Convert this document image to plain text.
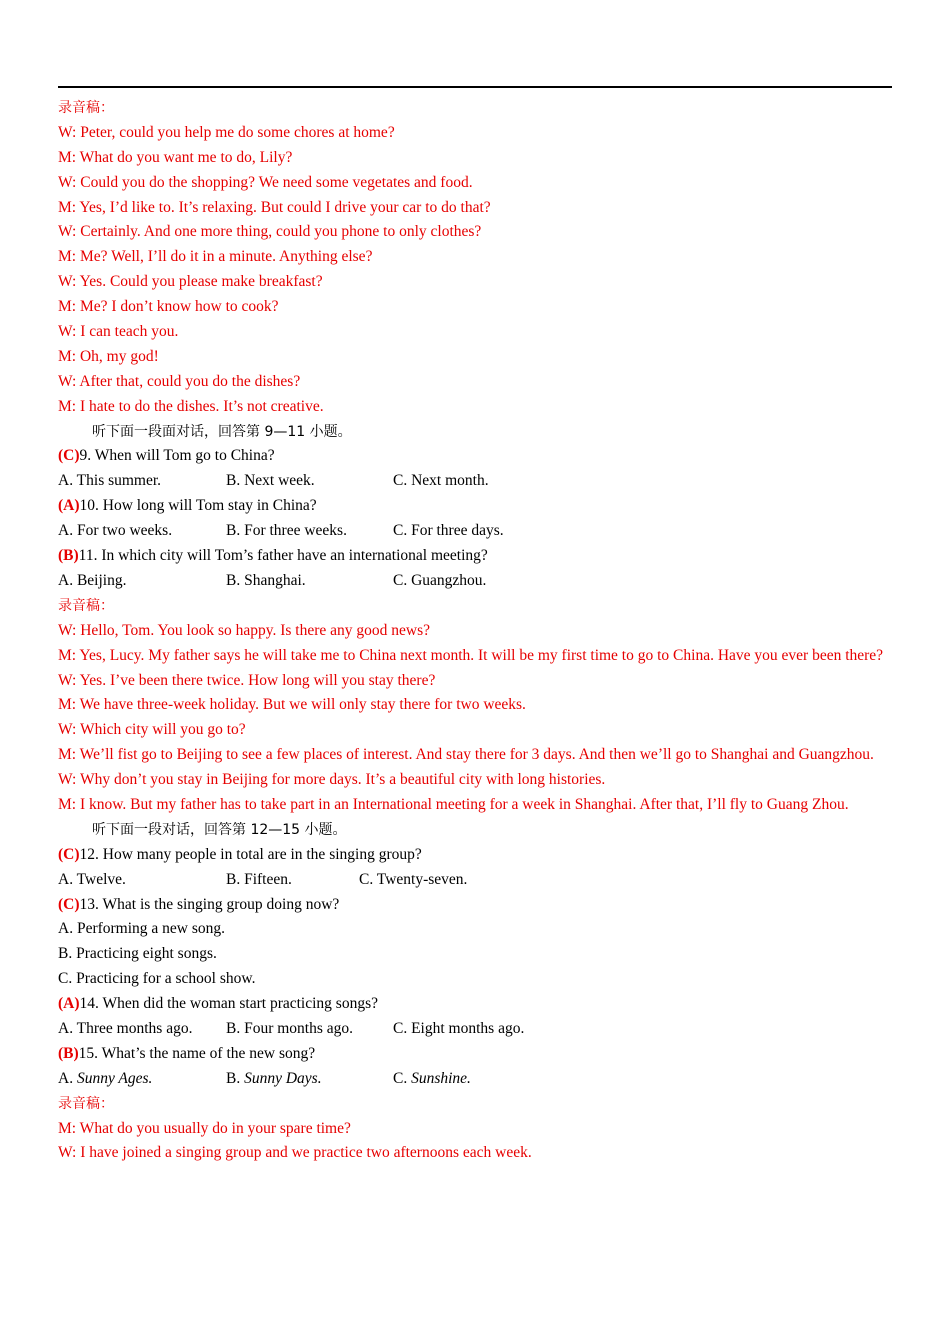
录音稿：
W: Peter, could you help me do some chores at home?
M: What do you want me to do, Lily?
W: Could you do the shopping? We need some vegetates and food.
M: Yes, I’d like to. It’s relaxing. But could I drive your car to do that?
W: Certainly. And one more thing, could you phone to only clothes?
M: Me? Well, I’ll do it in a minute. Anything else?
W: Yes. Could you please make breakfast?
M: Me? I don’t know how to cook?
W: I can teach you.
M: Oh, my god!
W: After that, could you do the dishes?
M: I hate to do the dishes. It’s not creative.
听下面一段面对话，回答第 9—11 小题。
(C)9. When will Tom go to China?
A. This summer.	B. Next week.	C. Next month.
(A)10. How long will Tom stay in China?
A. For two weeks.	B. For three weeks.	C. For three days.
(B)11. In which city will Tom’s father have an international meeting?
A. Beijing.	B. Shanghai.	C. Guangzhou.
录音稿：
W: Hello, Tom. You look so happy. Is there any good news?
M: Yes, Lucy. My father says he will take me to China next month. It will be my first time to go to China. Have you ever been there?
W: Yes. I’ve been there twice. How long will you stay there?
M: We have three-week holiday. But we will only stay there for two weeks.
W: Which city will you go to?
M: We’ll fist go to Beijing to see a few places of interest. And stay there for 3 days. And then we’ll go to Shanghai and Guangzhou.
W: Why don’t you stay in Beijing for more days. It’s a beautiful city with long histories.
M: I know. But my father has to take part in an International meeting for a week in Shanghai. After that, I’ll fly to Guang Zhou.
听下面一段对话，回答第 12—15 小题。
(C)12. How many people in total are in the singing group?
A. Twelve.	B. Fifteen.	C. Twenty-seven.
(C)13. What is the singing group doing now?
A. Performing a new song.
B. Practicing eight songs.
C. Practicing for a school show.
(A)14. When did the woman start practicing songs?
A. Three months ago.	B. Four months ago.	C. Eight months ago.
(B)15. What’s the name of the new song?
A. Sunny Ages.	B. Sunny Days.	C. Sunshine.
录音稿：
M: What do you usually do in your spare time?
W: I have joined a singing group and we practice two afternoons each week.
